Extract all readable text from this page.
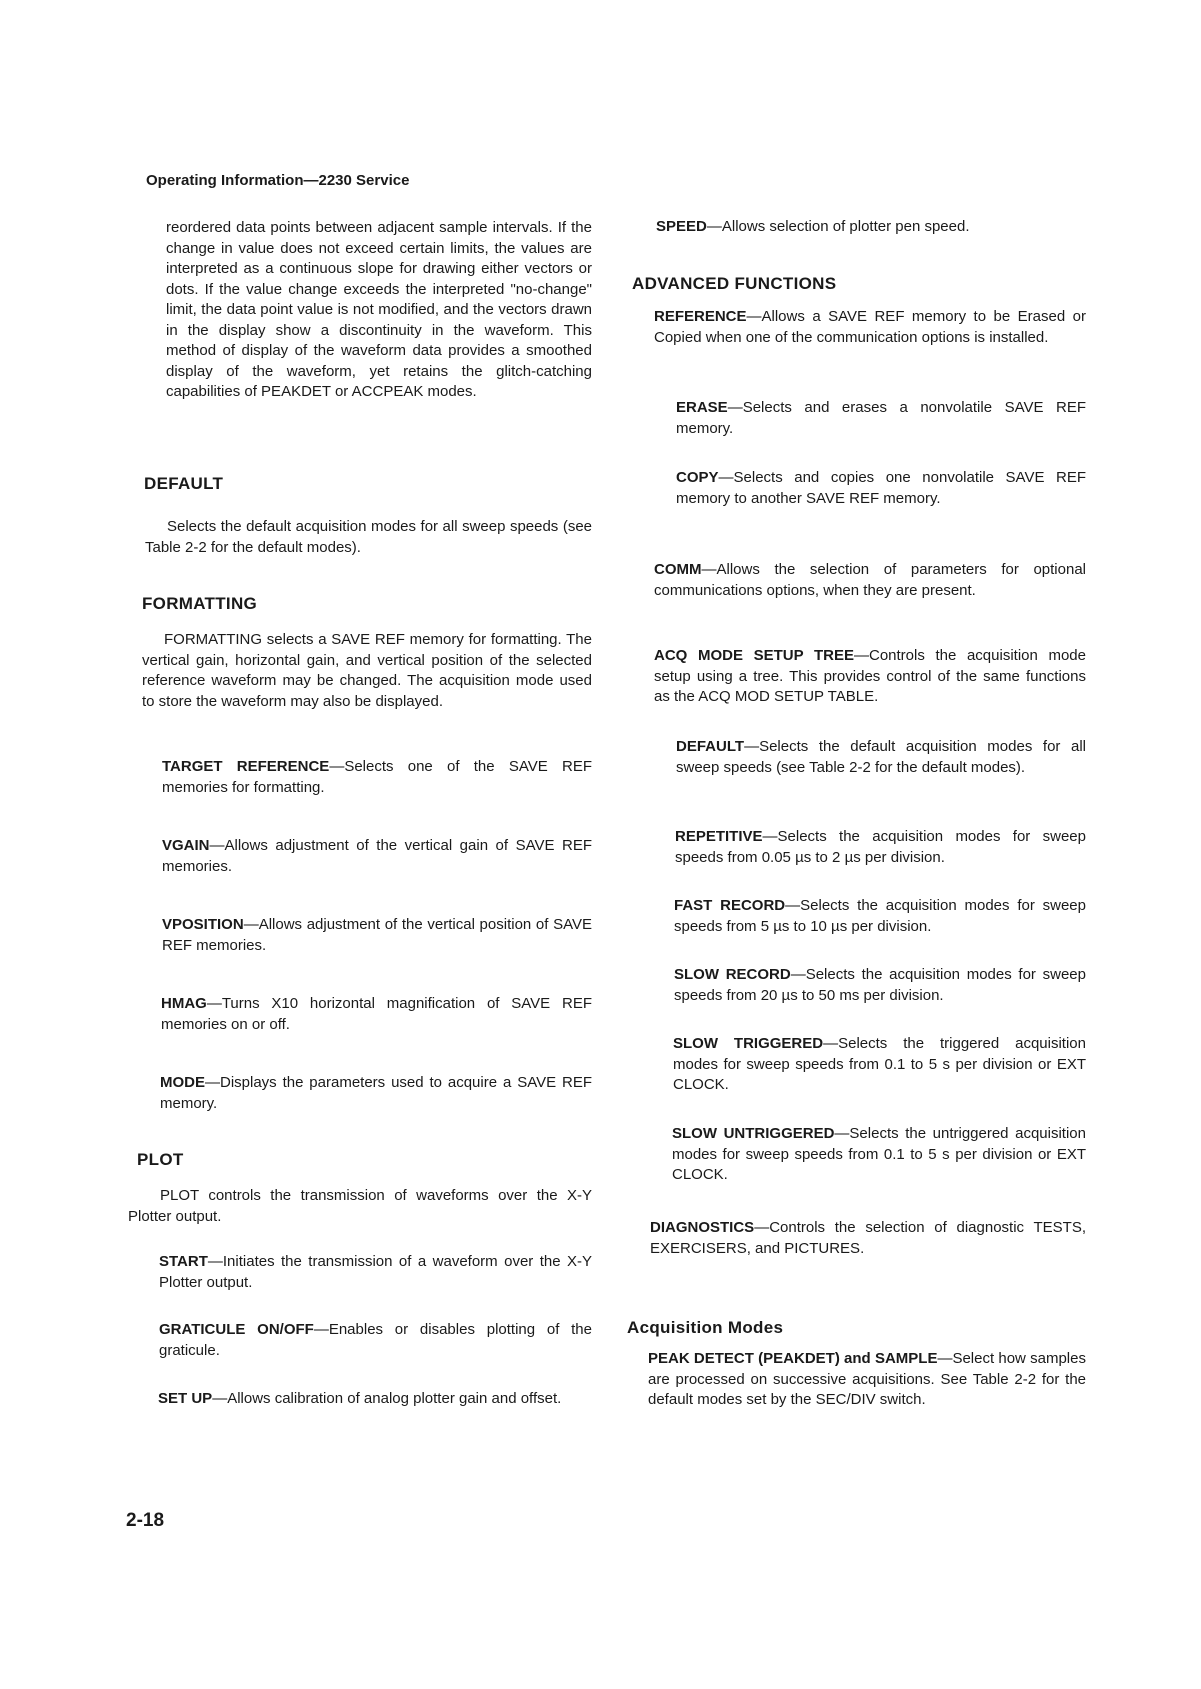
Operating Information—2230 Service
reordered data points between adjacent sample intervals. If the change in value does not exceed certain limits, the values are interpreted as a continuous slope for drawing either vectors or dots. If the value change exceeds the interpreted "no-change" limit, the data point value is not modified, and the vectors drawn in the display show a discontinuity in the waveform. This method of display of the waveform data provides a smoothed display of the waveform, yet retains the glitch-catching capabilities of PEAKDET or ACCPEAK modes.
DEFAULT
Selects the default acquisition modes for all sweep speeds (see Table 2-2 for the default modes).
FORMATTING
FORMATTING selects a SAVE REF memory for formatting. The vertical gain, horizontal gain, and vertical position of the selected reference waveform may be changed. The acquisition mode used to store the waveform may also be displayed.
TARGET REFERENCE—Selects one of the SAVE REF memories for formatting.
VGAIN—Allows adjustment of the vertical gain of SAVE REF memories.
VPOSITION—Allows adjustment of the vertical position of SAVE REF memories.
HMAG—Turns X10 horizontal magnification of SAVE REF memories on or off.
MODE—Displays the parameters used to acquire a SAVE REF memory.
PLOT
PLOT controls the transmission of waveforms over the X-Y Plotter output.
START—Initiates the transmission of a waveform over the X-Y Plotter output.
GRATICULE ON/OFF—Enables or disables plotting of the graticule.
SET UP—Allows calibration of analog plotter gain and offset.
2-18
SPEED—Allows selection of plotter pen speed.
ADVANCED FUNCTIONS
REFERENCE—Allows a SAVE REF memory to be Erased or Copied when one of the communication options is installed.
ERASE—Selects and erases a nonvolatile SAVE REF memory.
COPY—Selects and copies one nonvolatile SAVE REF memory to another SAVE REF memory.
COMM—Allows the selection of parameters for optional communications options, when they are present.
ACQ MODE SETUP TREE—Controls the acquisition mode setup using a tree. This provides control of the same functions as the ACQ MOD SETUP TABLE.
DEFAULT—Selects the default acquisition modes for all sweep speeds (see Table 2-2 for the default modes).
REPETITIVE—Selects the acquisition modes for sweep speeds from 0.05 µs to 2 µs per division.
FAST RECORD—Selects the acquisition modes for sweep speeds from 5 µs to 10 µs per division.
SLOW RECORD—Selects the acquisition modes for sweep speeds from 20 µs to 50 ms per division.
SLOW TRIGGERED—Selects the triggered acquisition modes for sweep speeds from 0.1 to 5 s per division or EXT CLOCK.
SLOW UNTRIGGERED—Selects the untriggered acquisition modes for sweep speeds from 0.1 to 5 s per division or EXT CLOCK.
DIAGNOSTICS—Controls the selection of diagnostic TESTS, EXERCISERS, and PICTURES.
Acquisition Modes
PEAK DETECT (PEAKDET) and SAMPLE—Select how samples are processed on successive acquisitions. See Table 2-2 for the default modes set by the SEC/DIV switch.
